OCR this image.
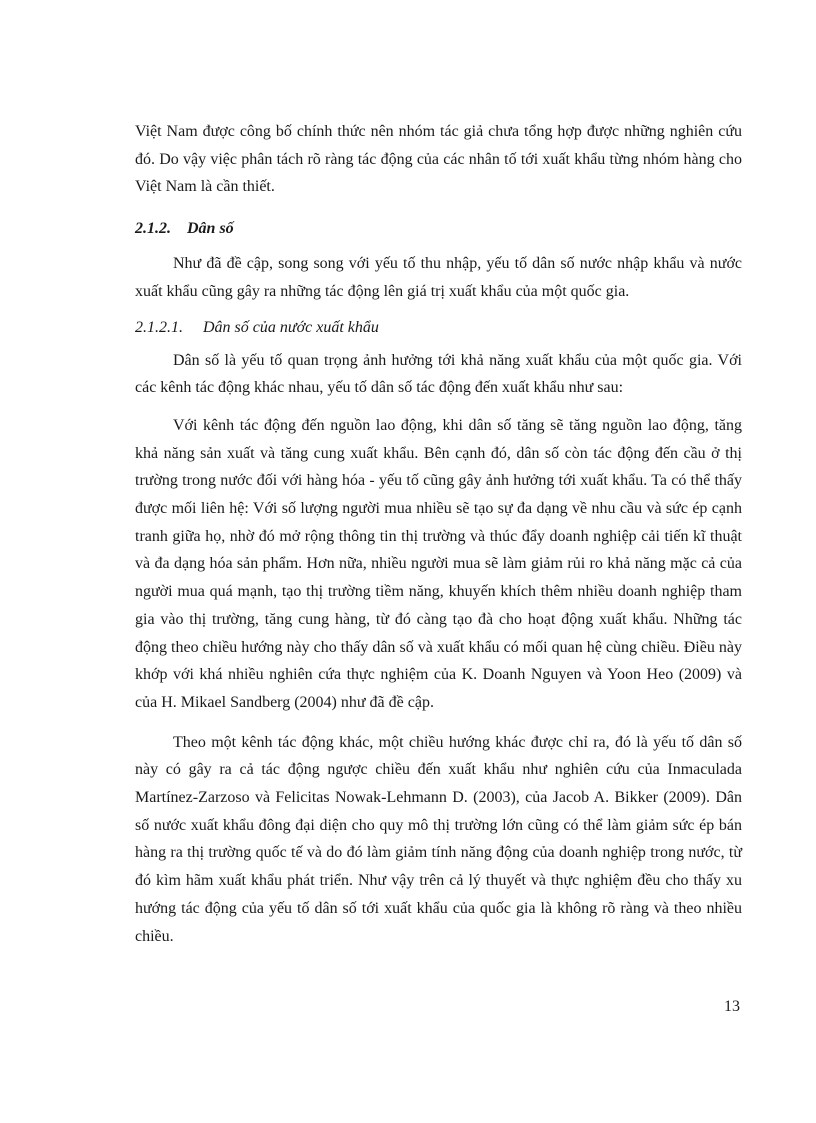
Việt Nam được công bố chính thức nên nhóm tác giả chưa tổng hợp được những nghiên cứu đó. Do vậy việc phân tách rõ ràng tác động của các nhân tố tới xuất khẩu từng nhóm hàng cho Việt Nam là cần thiết.

2.1.2. Dân số

Như đã đề cập, song song với yếu tố thu nhập, yếu tố dân số nước nhập khẩu và nước xuất khẩu cũng gây ra những tác động lên giá trị xuất khẩu của một quốc gia.

2.1.2.1. Dân số của nước xuất khẩu

Dân số là yếu tố quan trọng ảnh hưởng tới khả năng xuất khẩu của một quốc gia. Với các kênh tác động khác nhau, yếu tố dân số tác động đến xuất khẩu như sau:

Với kênh tác động đến nguồn lao động, khi dân số tăng sẽ tăng nguồn lao động, tăng khả năng sản xuất và tăng cung xuất khẩu. Bên cạnh đó, dân số còn tác động đến cầu ở thị trường trong nước đối với hàng hóa - yếu tố cũng gây ảnh hưởng tới xuất khẩu. Ta có thể thấy được mối liên hệ: Với số lượng người mua nhiều sẽ tạo sự đa dạng về nhu cầu và sức ép cạnh tranh giữa họ, nhờ đó mở rộng thông tin thị trường và thúc đẩy doanh nghiệp cải tiến kĩ thuật và đa dạng hóa sản phẩm. Hơn nữa, nhiều người mua sẽ làm giảm rủi ro khả năng mặc cả của người mua quá mạnh, tạo thị trường tiềm năng, khuyến khích thêm nhiều doanh nghiệp tham gia vào thị trường, tăng cung hàng, từ đó càng tạo đà cho hoạt động xuất khẩu. Những tác động theo chiều hướng này cho thấy dân số và xuất khẩu có mối quan hệ cùng chiều. Điều này khớp với khá nhiều nghiên cứa thực nghiệm của K. Doanh Nguyen và Yoon Heo (2009) và của H. Mikael Sandberg (2004) như đã đề cập.

Theo một kênh tác động khác, một chiều hướng khác được chỉ ra, đó là yếu tố dân số này có gây ra cả tác động ngược chiều đến xuất khẩu như nghiên cứu của Inmaculada Martínez-Zarzoso và Felicitas Nowak-Lehmann D. (2003), của Jacob A. Bikker (2009). Dân số nước xuất khẩu đông đại diện cho quy mô thị trường lớn cũng có thể làm giảm sức ép bán hàng ra thị trường quốc tế và do đó làm giảm tính năng động của doanh nghiệp trong nước, từ đó kìm hãm xuất khẩu phát triển. Như vậy trên cả lý thuyết và thực nghiệm đều cho thấy xu hướng tác động của yếu tố dân số tới xuất khẩu của quốc gia là không rõ ràng và theo nhiều chiều.

13
